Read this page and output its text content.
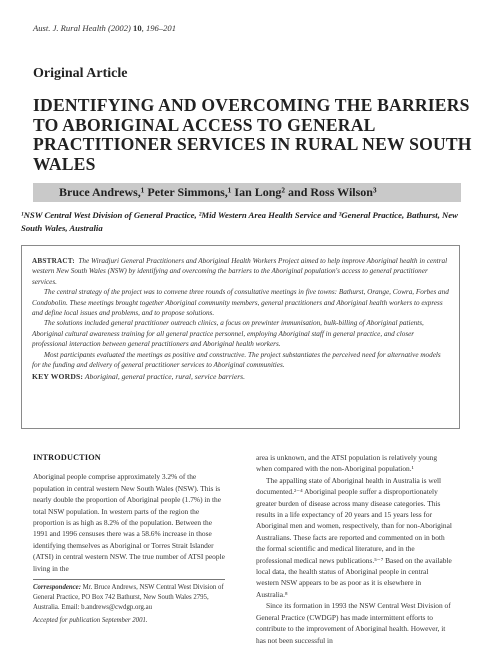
Aust. J. Rural Health (2002) 10, 196–201
Original Article
IDENTIFYING AND OVERCOMING THE BARRIERS TO ABORIGINAL ACCESS TO GENERAL PRACTITIONER SERVICES IN RURAL NEW SOUTH WALES
Bruce Andrews,¹ Peter Simmons,¹ Ian Long² and Ross Wilson³

¹NSW Central West Division of General Practice, ²Mid Western Area Health Service and ³General Practice, Bathurst, New South Wales, Australia

ABSTRACT: The Wiradjuri General Practitioners and Aboriginal Health Workers Project aimed to help improve Aboriginal health in central western New South Wales (NSW) by identifying and overcoming the barriers to the Aboriginal population's access to general practitioner services.

The central strategy of the project was to convene three rounds of consultative meetings in five towns: Bathurst, Orange, Cowra, Forbes and Condobolin. These meetings brought together Aboriginal community members, general practitioners and Aboriginal health workers to express and define local issues and problems, and to propose solutions.

The solutions included general practitioner outreach clinics, a focus on prewinter immunisation, bulk-billing of Aboriginal patients, Aboriginal cultural awareness training for all general practice personnel, employing Aboriginal staff in general practice, and closer professional interaction between general practitioners and Aboriginal health workers.

Most participants evaluated the meetings as positive and constructive. The project substantiates the perceived need for alternative models for the funding and delivery of general practitioner services to Aboriginal communities.

KEY WORDS: Aboriginal, general practice, rural, service barriers.

INTRODUCTION

Aboriginal people comprise approximately 3.2% of the population in central western New South Wales (NSW). This is nearly double the proportion of Aboriginal people (1.7%) in the total NSW population. In western parts of the region the proportion is as high as 8.2% of the population. Between the 1991 and 1996 censuses there was a 58.6% increase in those identifying themselves as Aboriginal or Torres Strait Islander (ATSI) in central western NSW. The true number of ATSI people living in the

area is unknown, and the ATSI population is relatively young when compared with the non-Aboriginal population.¹

The appalling state of Aboriginal health in Australia is well documented.²⁻⁴ Aboriginal people suffer a disproportionately greater burden of disease across many disease categories. This results in a life expectancy of 20 years and 15 years less for Aboriginal men and women, respectively, than for non-Aboriginal Australians. These facts are reported and commented on in both the formal scientific and medical literature, and in the professional medical news publications.⁵⁻⁷ Based on the available local data, the health status of Aboriginal people in central western NSW appears to be as poor as it is elsewhere in Australia.⁸

Since its formation in 1993 the NSW Central West Division of General Practice (CWDGP) has made intermittent efforts to contribute to the improvement of Aboriginal health. However, it has not been successful in

Correspondence: Mr. Bruce Andrews, NSW Central West Division of General Practice, PO Box 742 Bathurst, New South Wales 2795, Australia. Email: b.andrews@cwdgp.org.au

Accepted for publication September 2001.
